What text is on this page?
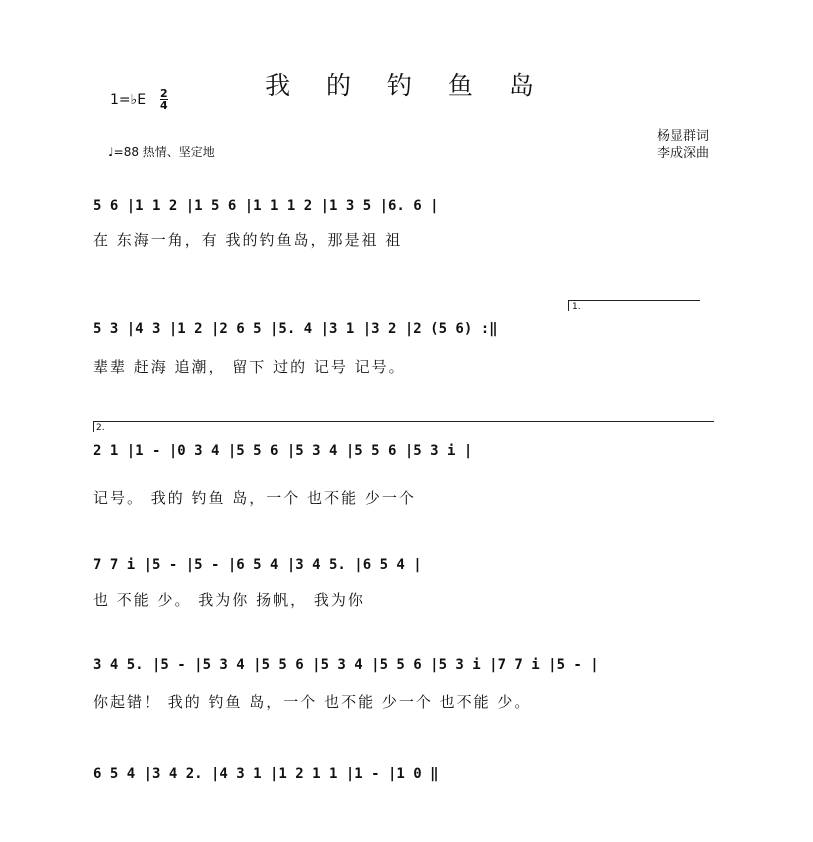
我 的 钓 鱼 岛
1=♭E 2
4
♩=88 热情、坚定地
杨显群词
李成深曲
5 6 |1 1 2 |1 5 6 |1 1 1 2 |1 3 5 |6. 6 |
在 东海一角，有 我的钓鱼岛，那是祖 祖
1.
5 3 |4 3 |1 2 |2 6 5 |5. 4 |3 1 |3 2 |2 (5 6) :‖
辈辈 赶海 追潮， 留下 过的 记号 记号。
2.
2 1 |1 - |0 3 4 |5 5 6 |5 3 4 |5 5 6 |5 3 i |
记号。 我的 钓鱼 岛，一个 也不能 少一个
7 7 i |5 - |5 - |6 5 4 |3 4 5. |6 5 4 |
也 不能 少。 我为你 扬帆， 我为你
3 4 5. |5 - |5 3 4 |5 5 6 |5 3 4 |5 5 6 |5 3 i |7 7 i |5 - |
你起错！ 我的 钓鱼 岛，一个 也不能 少一个 也不能 少。
6 5 4 |3 4 2. |4 3 1 |1 2 1 1 |1 - |1 0 ‖
